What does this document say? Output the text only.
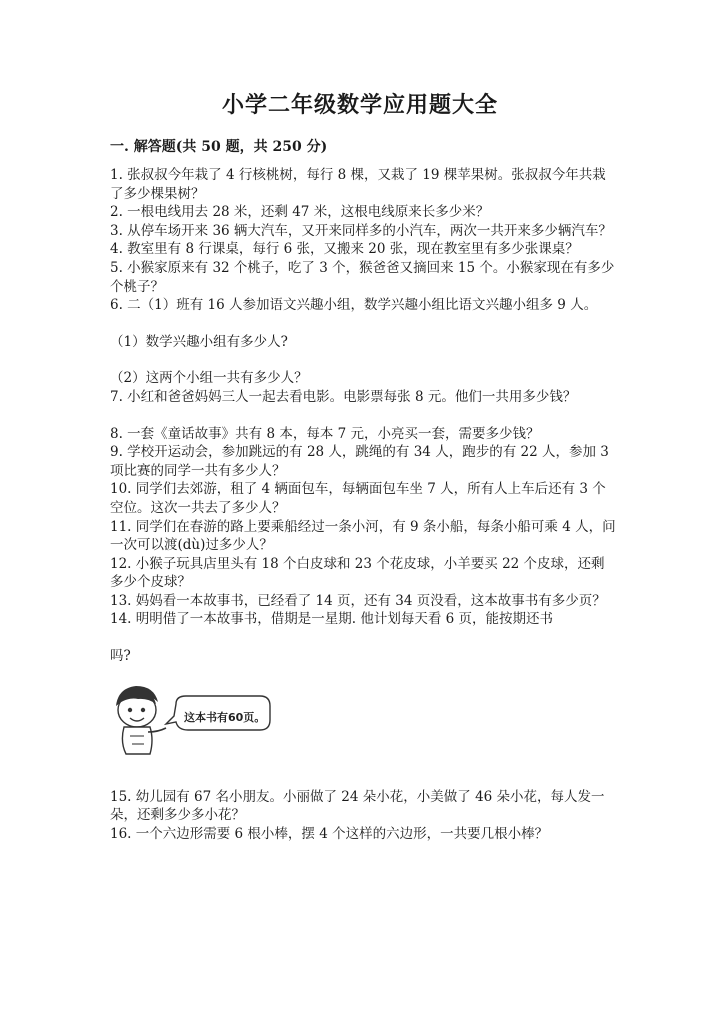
小学二年级数学应用题大全
一. 解答题(共 50 题，共 250 分)

1. 张叔叔今年栽了 4 行核桃树，每行 8 棵，又栽了 19 棵苹果树。张叔叔今年共栽了多少棵果树？

2. 一根电线用去 28 米，还剩 47 米，这根电线原来长多少米？

3. 从停车场开来 36 辆大汽车，又开来同样多的小汽车，两次一共开来多少辆汽车？

4. 教室里有 8 行课桌，每行 6 张，又搬来 20 张，现在教室里有多少张课桌？

5. 小猴家原来有 32 个桃子，吃了 3 个，猴爸爸又摘回来 15 个。小猴家现在有多少个桃子？

6. 二（1）班有 16 人参加语文兴趣小组，数学兴趣小组比语文兴趣小组多 9 人。

（1）数学兴趣小组有多少人?

（2）这两个小组一共有多少人？

7. 小红和爸爸妈妈三人一起去看电影。电影票每张 8 元。他们一共用多少钱？

8. 一套《童话故事》共有 8 本，每本 7 元，小亮买一套，需要多少钱？

9. 学校开运动会，参加跳远的有 28 人，跳绳的有 34 人，跑步的有 22 人，参加 3 项比赛的同学一共有多少人？

10. 同学们去郊游，租了 4 辆面包车，每辆面包车坐 7 人，所有人上车后还有 3 个空位。这次一共去了多少人？

11. 同学们在春游的路上要乘船经过一条小河，有 9 条小船，每条小船可乘 4 人，问一次可以渡(dù)过多少人？

12. 小猴子玩具店里头有 18 个白皮球和 23 个花皮球，小羊要买 22 个皮球，还剩多少个皮球？

13. 妈妈看一本故事书，已经看了 14 页，还有 34 页没看，这本故事书有多少页？

14. 明明借了一本故事书，借期是一星期. 他计划每天看 6 页，能按期还书

吗?

这本书有60页。

15. 幼儿园有 67 名小朋友。小丽做了 24 朵小花，小美做了 46 朵小花，每人发一朵，还剩多少多小花？

16. 一个六边形需要 6 根小棒，摆 4 个这样的六边形，一共要几根小棒？
